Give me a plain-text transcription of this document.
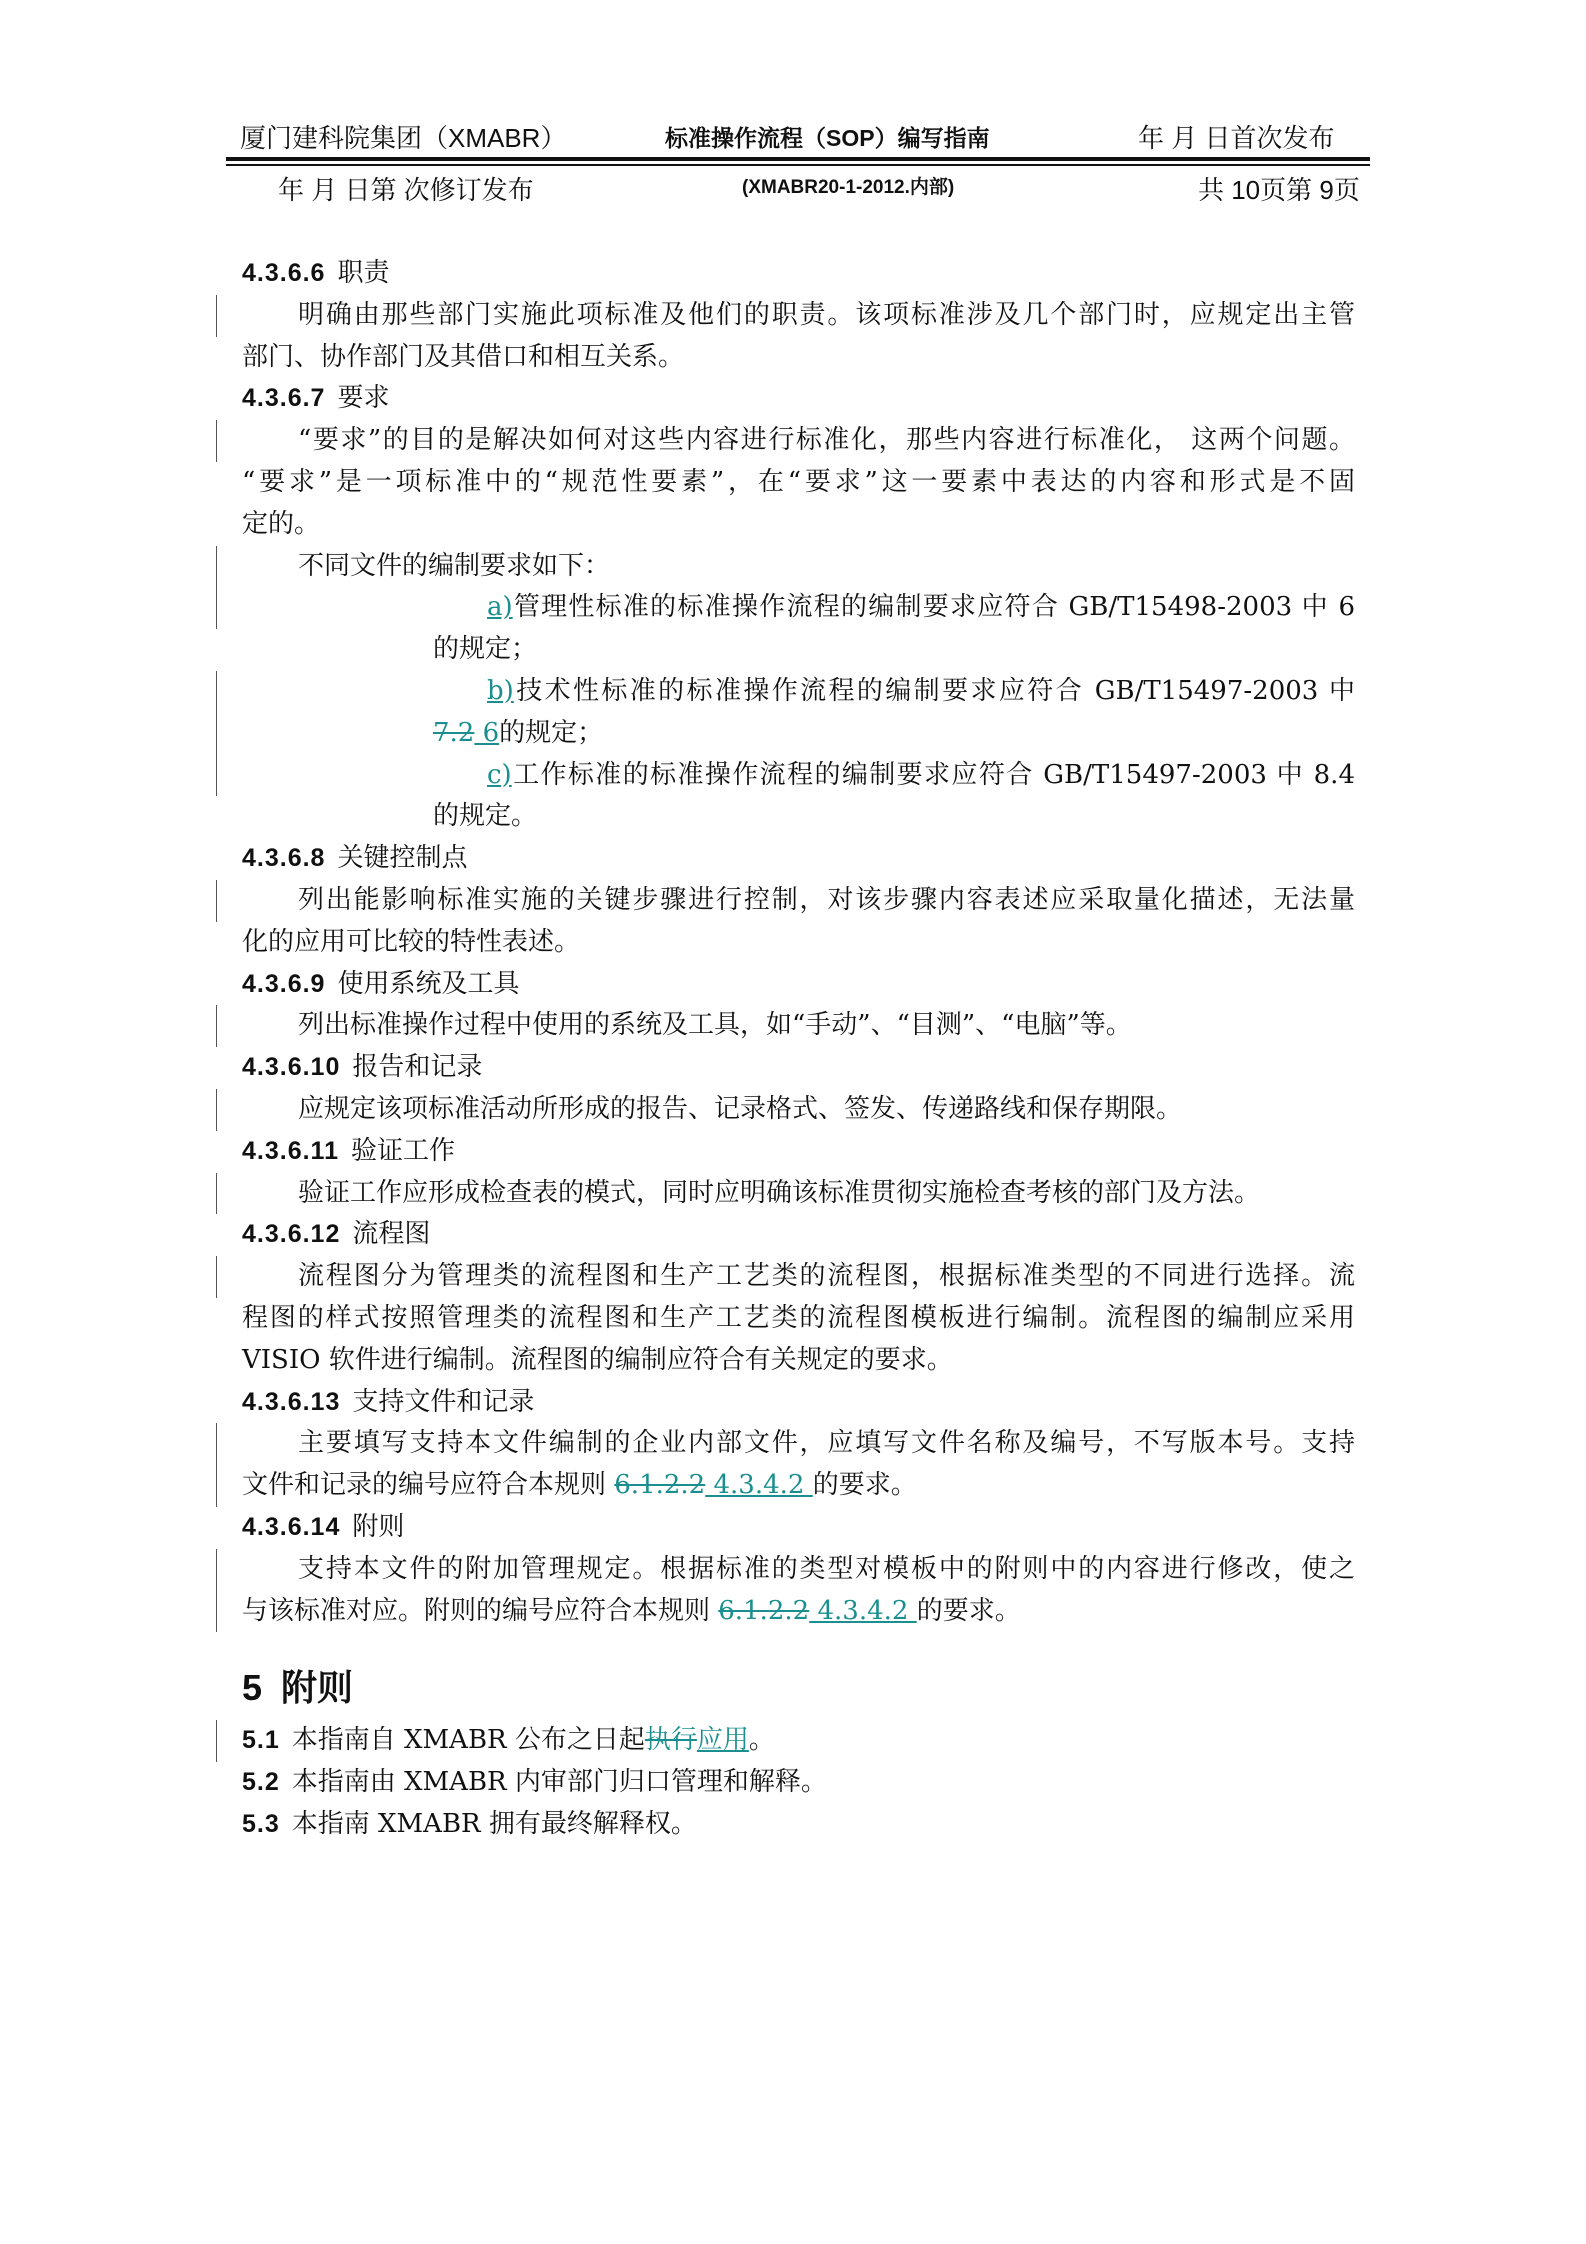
厦门建科院集团（XMABR）	标准操作流程（SOP）编写指南	年 月 日首次发布
年 月 日第 次修订发布	(XMABR20-1-2012.内部)	共 10页第 9页
4.3.6.6 职责
明确由那些部门实施此项标准及他们的职责。该项标准涉及几个部门时，应规定出主管
部门、协作部门及其借口和相互关系。
4.3.6.7 要求
“要求”的目的是解决如何对这些内容进行标准化，那些内容进行标准化， 这两个问题。
“要求”是一项标准中的“规范性要素”，在“要求”这一要素中表达的内容和形式是不固
定的。
不同文件的编制要求如下：
a)管理性标准的标准操作流程的编制要求应符合 GB/T15498-2003 中 6
的规定；
b)技术性标准的标准操作流程的编制要求应符合 GB/T15497-2003 中
7.2 6的规定；
c)工作标准的标准操作流程的编制要求应符合 GB/T15497-2003 中 8.4
的规定。
4.3.6.8 关键控制点
列出能影响标准实施的关键步骤进行控制，对该步骤内容表述应采取量化描述，无法量
化的应用可比较的特性表述。
4.3.6.9 使用系统及工具
列出标准操作过程中使用的系统及工具，如“手动”、“目测”、“电脑”等。
4.3.6.10 报告和记录
应规定该项标准活动所形成的报告、记录格式、签发、传递路线和保存期限。
4.3.6.11 验证工作
验证工作应形成检查表的模式，同时应明确该标准贯彻实施检查考核的部门及方法。
4.3.6.12 流程图
流程图分为管理类的流程图和生产工艺类的流程图，根据标准类型的不同进行选择。流
程图的样式按照管理类的流程图和生产工艺类的流程图模板进行编制。流程图的编制应采用
VISIO 软件进行编制。流程图的编制应符合有关规定的要求。
4.3.6.13 支持文件和记录
主要填写支持本文件编制的企业内部文件，应填写文件名称及编号，不写版本号。支持
文件和记录的编号应符合本规则 6.1.2.2 4.3.4.2 的要求。
4.3.6.14 附则
支持本文件的附加管理规定。根据标准的类型对模板中的附则中的内容进行修改，使之
与该标准对应。附则的编号应符合本规则 6.1.2.2 4.3.4.2 的要求。
5 附则
5.1 本指南自 XMABR 公布之日起执行应用。
5.2 本指南由 XMABR 内审部门归口管理和解释。
5.3 本指南 XMABR 拥有最终解释权。
